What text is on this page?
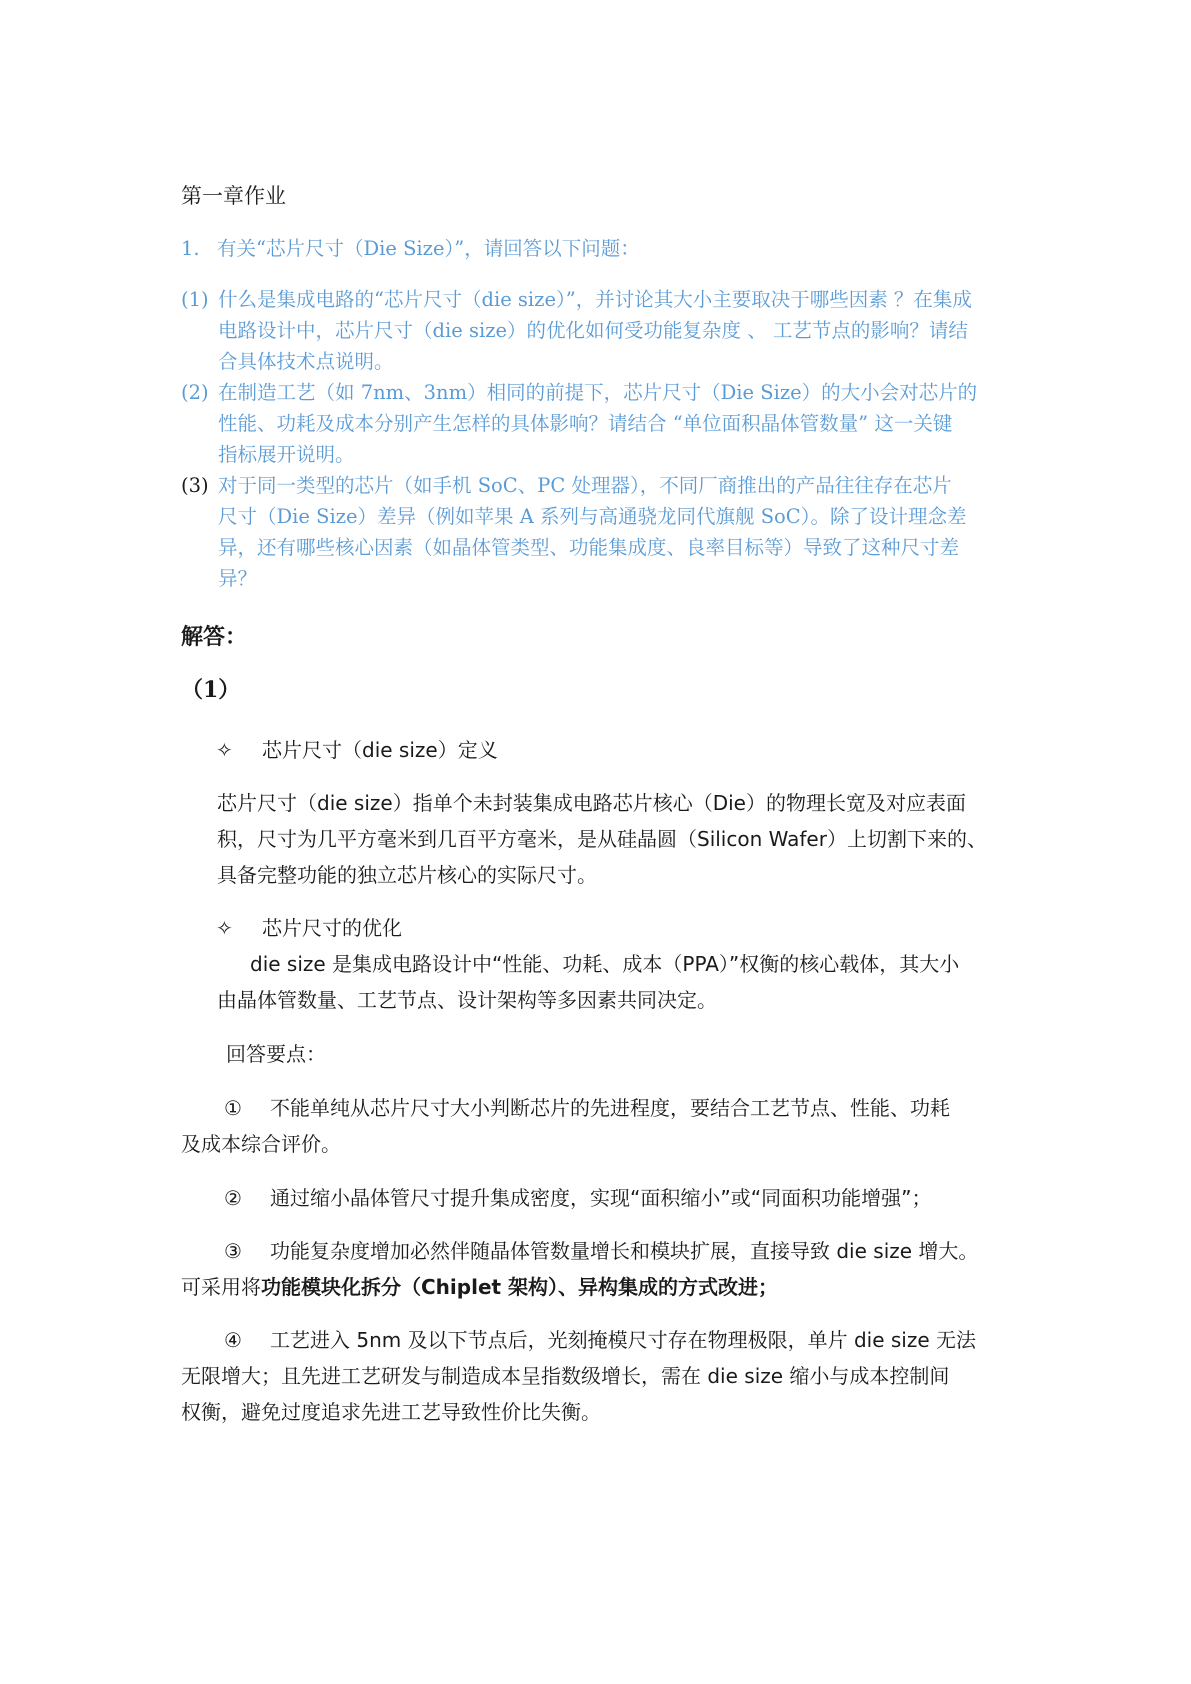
第一章作业
1. 有关“芯片尺寸（Die Size）”，请回答以下问题：
(1) 什么是集成电路的“芯片尺寸（die size）”，并讨论其大小主要取决于哪些因素 ？在集成
电路设计中，芯片尺寸（die size）的优化如何受功能复杂度 、 工艺节点的影响？请结
合具体技术点说明。
(2) 在制造工艺（如 7nm、3nm）相同的前提下，芯片尺寸（Die Size）的大小会对芯片的
性能、功耗及成本分别产生怎样的具体影响？请结合 “单位面积晶体管数量” 这一关键
指标展开说明。
(3) 对于同一类型的芯片（如手机 SoC、PC 处理器），不同厂商推出的产品往往存在芯片
尺寸（Die Size）差异（例如苹果 A 系列与高通骁龙同代旗舰 SoC）。除了设计理念差
异，还有哪些核心因素（如晶体管类型、功能集成度、良率目标等）导致了这种尺寸差
异？
解答：
（1）
✧ 芯片尺寸（die size）定义
芯片尺寸（die size）指单个未封装集成电路芯片核心（Die）的物理长宽及对应表面
积，尺寸为几平方毫米到几百平方毫米，是从硅晶圆（Silicon Wafer）上切割下来的、
具备完整功能的独立芯片核心的实际尺寸。
✧ 芯片尺寸的优化
die size 是集成电路设计中“性能、功耗、成本（PPA）”权衡的核心载体，其大小
由晶体管数量、工艺节点、设计架构等多因素共同决定。
回答要点：
① 不能单纯从芯片尺寸大小判断芯片的先进程度，要结合工艺节点、性能、功耗
及成本综合评价。
② 通过缩小晶体管尺寸提升集成密度，实现“面积缩小”或“同面积功能增强”；
③ 功能复杂度增加必然伴随晶体管数量增长和模块扩展，直接导致 die size 增大。
可采用将功能模块化拆分（Chiplet 架构）、异构集成的方式改进；
④ 工艺进入 5nm 及以下节点后，光刻掩模尺寸存在物理极限，单片 die size 无法
无限增大；且先进工艺研发与制造成本呈指数级增长，需在 die size 缩小与成本控制间
权衡，避免过度追求先进工艺导致性价比失衡。
